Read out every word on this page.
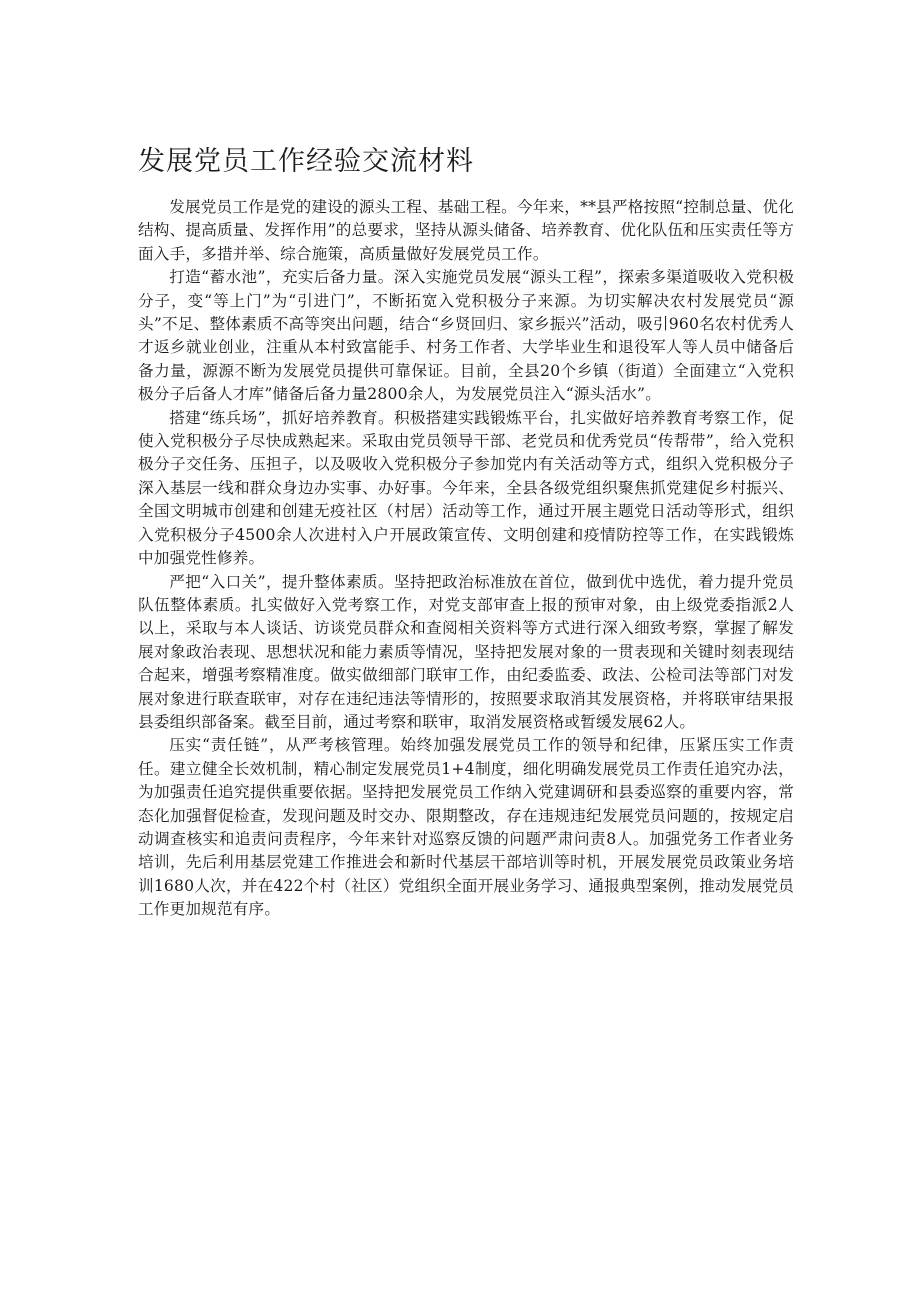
发展党员工作经验交流材料

发展党员工作是党的建设的源头工程、基础工程。今年来，**县严格按照“控制总量、优化结构、提高质量、发挥作用”的总要求，坚持从源头储备、培养教育、优化队伍和压实责任等方面入手，多措并举、综合施策，高质量做好发展党员工作。

打造“蓄水池”，充实后备力量。深入实施党员发展“源头工程”，探索多渠道吸收入党积极分子，变“等上门”为“引进门”，不断拓宽入党积极分子来源。为切实解决农村发展党员“源头”不足、整体素质不高等突出问题，结合“乡贤回归、家乡振兴”活动，吸引960名农村优秀人才返乡就业创业，注重从本村致富能手、村务工作者、大学毕业生和退役军人等人员中储备后备力量，源源不断为发展党员提供可靠保证。目前，全县20个乡镇（街道）全面建立“入党积极分子后备人才库”储备后备力量2800余人，为发展党员注入“源头活水”。

搭建“练兵场”，抓好培养教育。积极搭建实践锻炼平台，扎实做好培养教育考察工作，促使入党积极分子尽快成熟起来。采取由党员领导干部、老党员和优秀党员“传帮带”，给入党积极分子交任务、压担子，以及吸收入党积极分子参加党内有关活动等方式，组织入党积极分子深入基层一线和群众身边办实事、办好事。今年来，全县各级党组织聚焦抓党建促乡村振兴、全国文明城市创建和创建无疫社区（村居）活动等工作，通过开展主题党日活动等形式，组织入党积极分子4500余人次进村入户开展政策宣传、文明创建和疫情防控等工作，在实践锻炼中加强党性修养。

严把“入口关”，提升整体素质。坚持把政治标准放在首位，做到优中选优，着力提升党员队伍整体素质。扎实做好入党考察工作，对党支部审查上报的预审对象，由上级党委指派2人以上，采取与本人谈话、访谈党员群众和查阅相关资料等方式进行深入细致考察，掌握了解发展对象政治表现、思想状况和能力素质等情况，坚持把发展对象的一贯表现和关键时刻表现结合起来，增强考察精准度。做实做细部门联审工作，由纪委监委、政法、公检司法等部门对发展对象进行联查联审，对存在违纪违法等情形的，按照要求取消其发展资格，并将联审结果报县委组织部备案。截至目前，通过考察和联审，取消发展资格或暂缓发展62人。

压实“责任链”，从严考核管理。始终加强发展党员工作的领导和纪律，压紧压实工作责任。建立健全长效机制，精心制定发展党员1+4制度，细化明确发展党员工作责任追究办法，为加强责任追究提供重要依据。坚持把发展党员工作纳入党建调研和县委巡察的重要内容，常态化加强督促检查，发现问题及时交办、限期整改，存在违规违纪发展党员问题的，按规定启动调查核实和追责问责程序，今年来针对巡察反馈的问题严肃问责8人。加强党务工作者业务培训，先后利用基层党建工作推进会和新时代基层干部培训等时机，开展发展党员政策业务培训1680人次，并在422个村（社区）党组织全面开展业务学习、通报典型案例，推动发展党员工作更加规范有序。
